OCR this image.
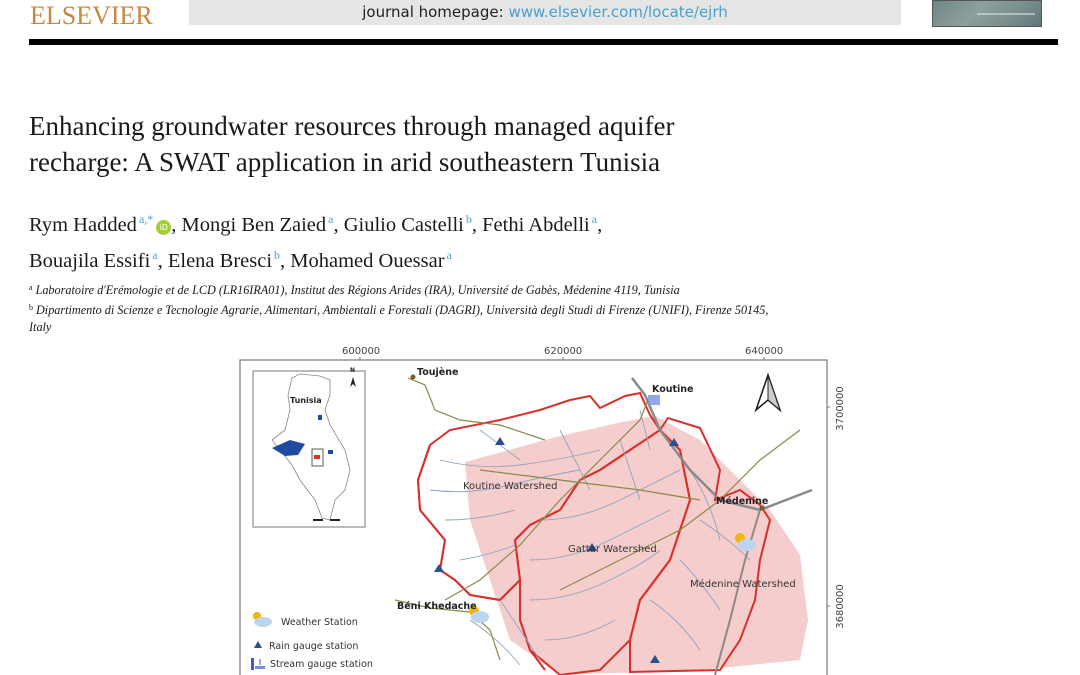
ELSEVIER	journal homepage: www.elsevier.com/locate/ejrh
Enhancing groundwater resources through managed aquifer
recharge: A SWAT application in arid southeastern Tunisia
Rym Hadded $^{a,*}$iD , Mongi Ben Zaied $^a$, Giulio Castelli $^b$, Fethi Abdelli $^a$,
Bouajila Essifi $^a$, Elena Bresci $^b$, Mohamed Ouessar $^a$
$^a$ Laboratoire d'Erémologie et de LCD (LR16IRA01), Institut des Régions Arides (IRA), Université de Gabès, Médenine 4119, Tunisia
$^b$ Dipartimento di Scienze e Tecnologie Agrarie, Alimentari, Ambientali e Forestali (DAGRI), Università degli Studi di Firenze (UNIFI), Firenze 50145,
Italy
600000	620000	640000
3700000
3680000
Tunisia
N	Toujène
Koutine
Médenine
Béni Khedache
Koutine Watershed
Gattar Watershed
Médenine Watershed
Weather Station
Rain gauge station
Stream gauge station
